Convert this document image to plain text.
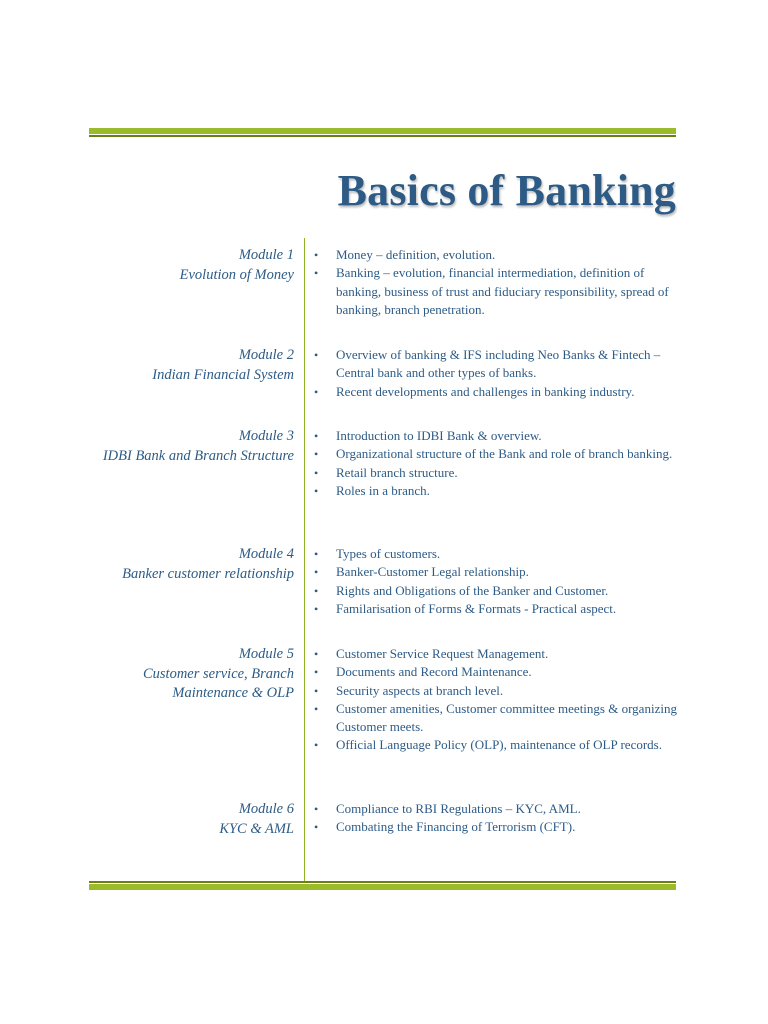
Basics of Banking
Module 1
Evolution of Money
• Money – definition, evolution.
• Banking – evolution, financial intermediation, definition of banking, business of trust and fiduciary responsibility, spread of banking, branch penetration.
Module 2
Indian Financial System
• Overview of banking & IFS including Neo Banks & Fintech – Central bank and other types of banks.
• Recent developments and challenges in banking industry.
Module 3
IDBI Bank and Branch Structure
• Introduction to IDBI Bank & overview.
• Organizational structure of the Bank and role of branch banking.
• Retail branch structure.
• Roles in a branch.
Module 4
Banker customer relationship
• Types of customers.
• Banker-Customer Legal relationship.
• Rights and Obligations of the Banker and Customer.
• Familarisation of Forms & Formats - Practical aspect.
Module 5
Customer service, Branch
Maintenance & OLP
• Customer Service Request Management.
• Documents and Record Maintenance.
• Security aspects at branch level.
• Customer amenities, Customer committee meetings & organizing Customer meets.
• Official Language Policy (OLP), maintenance of OLP records.
Module 6
KYC & AML
• Compliance to RBI Regulations – KYC, AML.
• Combating the Financing of Terrorism (CFT).
